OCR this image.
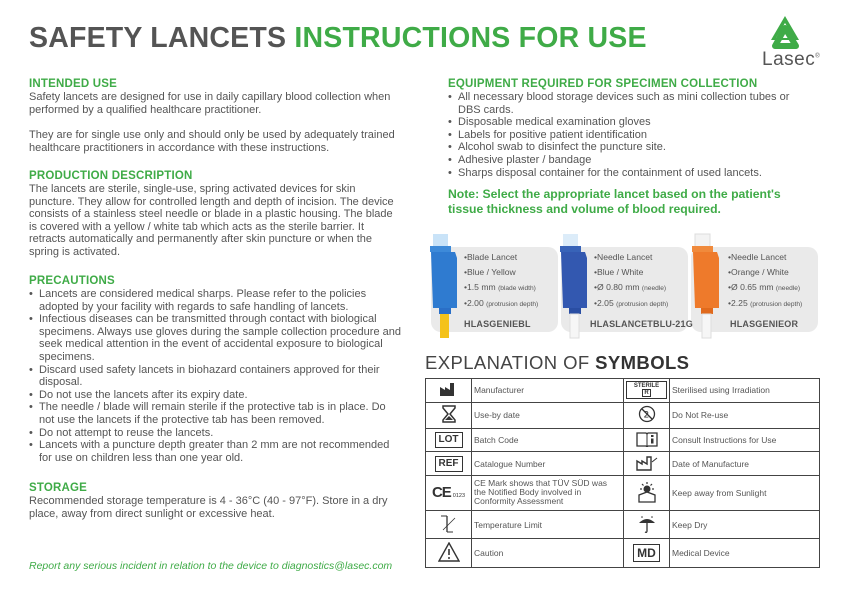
SAFETY LANCETS INSTRUCTIONS FOR USE
Lasec®
INTENDED USE
Safety lancets are designed for use in daily capillary blood collection when performed by a qualified healthcare practitioner.
They are for single use only and should only be used by adequately trained healthcare practitioners in accordance with these instructions.
PRODUCTION DESCRIPTION
The lancets are sterile, single-use, spring activated devices for skin puncture. They allow for controlled length and depth of incision. The device consists of a stainless steel needle or blade in a plastic housing. The blade is covered with a yellow / white tab which acts as the sterile barrier. It retracts automatically and permanently after skin puncture or when the spring is activated.
PRECAUTIONS
• Lancets are considered medical sharps. Please refer to the policies adopted by your facility with regards to safe handling of lancets.
• Infectious diseases can be transmitted through contact with biological specimens. Always use gloves during the sample collection procedure and seek medical attention in the event of accidental exposure to biological specimens.
• Discard used safety lancets in biohazard containers approved for their disposal.
• Do not use the lancets after its expiry date.
• The needle / blade will remain sterile if the protective tab is in place. Do not use the lancets if the protective tab has been removed.
• Do not attempt to reuse the lancets.
• Lancets with a puncture depth greater than 2 mm are not recommended for use on children less than one year old.
STORAGE
Recommended storage temperature is 4 - 36°C (40 - 97°F). Store in a dry place, away from direct sunlight or excessive heat.
Report any serious incident in relation to the device to diagnostics@lasec.com
EQUIPMENT REQUIRED FOR SPECIMEN COLLECTION
• All necessary blood storage devices such as mini collection tubes or DBS cards.
• Disposable medical examination gloves
• Labels for positive patient identification
• Alcohol swab to disinfect the puncture site.
• Adhesive plaster / bandage
• Sharps disposal container for the containment of used lancets.
Note: Select the appropriate lancet based on the patient's tissue thickness and volume of blood required.
• Blade Lancet
• Blue / Yellow
• 1.5 mm (blade width)
• 2.00 (protrusion depth)
• Needle Lancet
• Blue / White
• Ø 0.80 mm (needle)
• 2.05 (protrusion depth)
• Needle Lancet
• Orange / White
• Ø 0.65 mm (needle)
• 2.25 (protrusion depth)
HLASGENIEBL	HLASLANCETBLU-21G	HLASGENIEOR
EXPLANATION OF SYMBOLS
	Manufacturer	STERILE R	Sterilised using Irradiation
	Use-by date	2	Do Not Re-use
LOT	Batch Code		Consult Instructions for Use
REF	Catalogue Number		Date of Manufacture
CE 0123	CE Mark shows that TÜV SÜD was the Notified Body involved in Conformity Assessment		Keep away from Sunlight
	Temperature Limit		Keep Dry
	Caution	MD	Medical Device
